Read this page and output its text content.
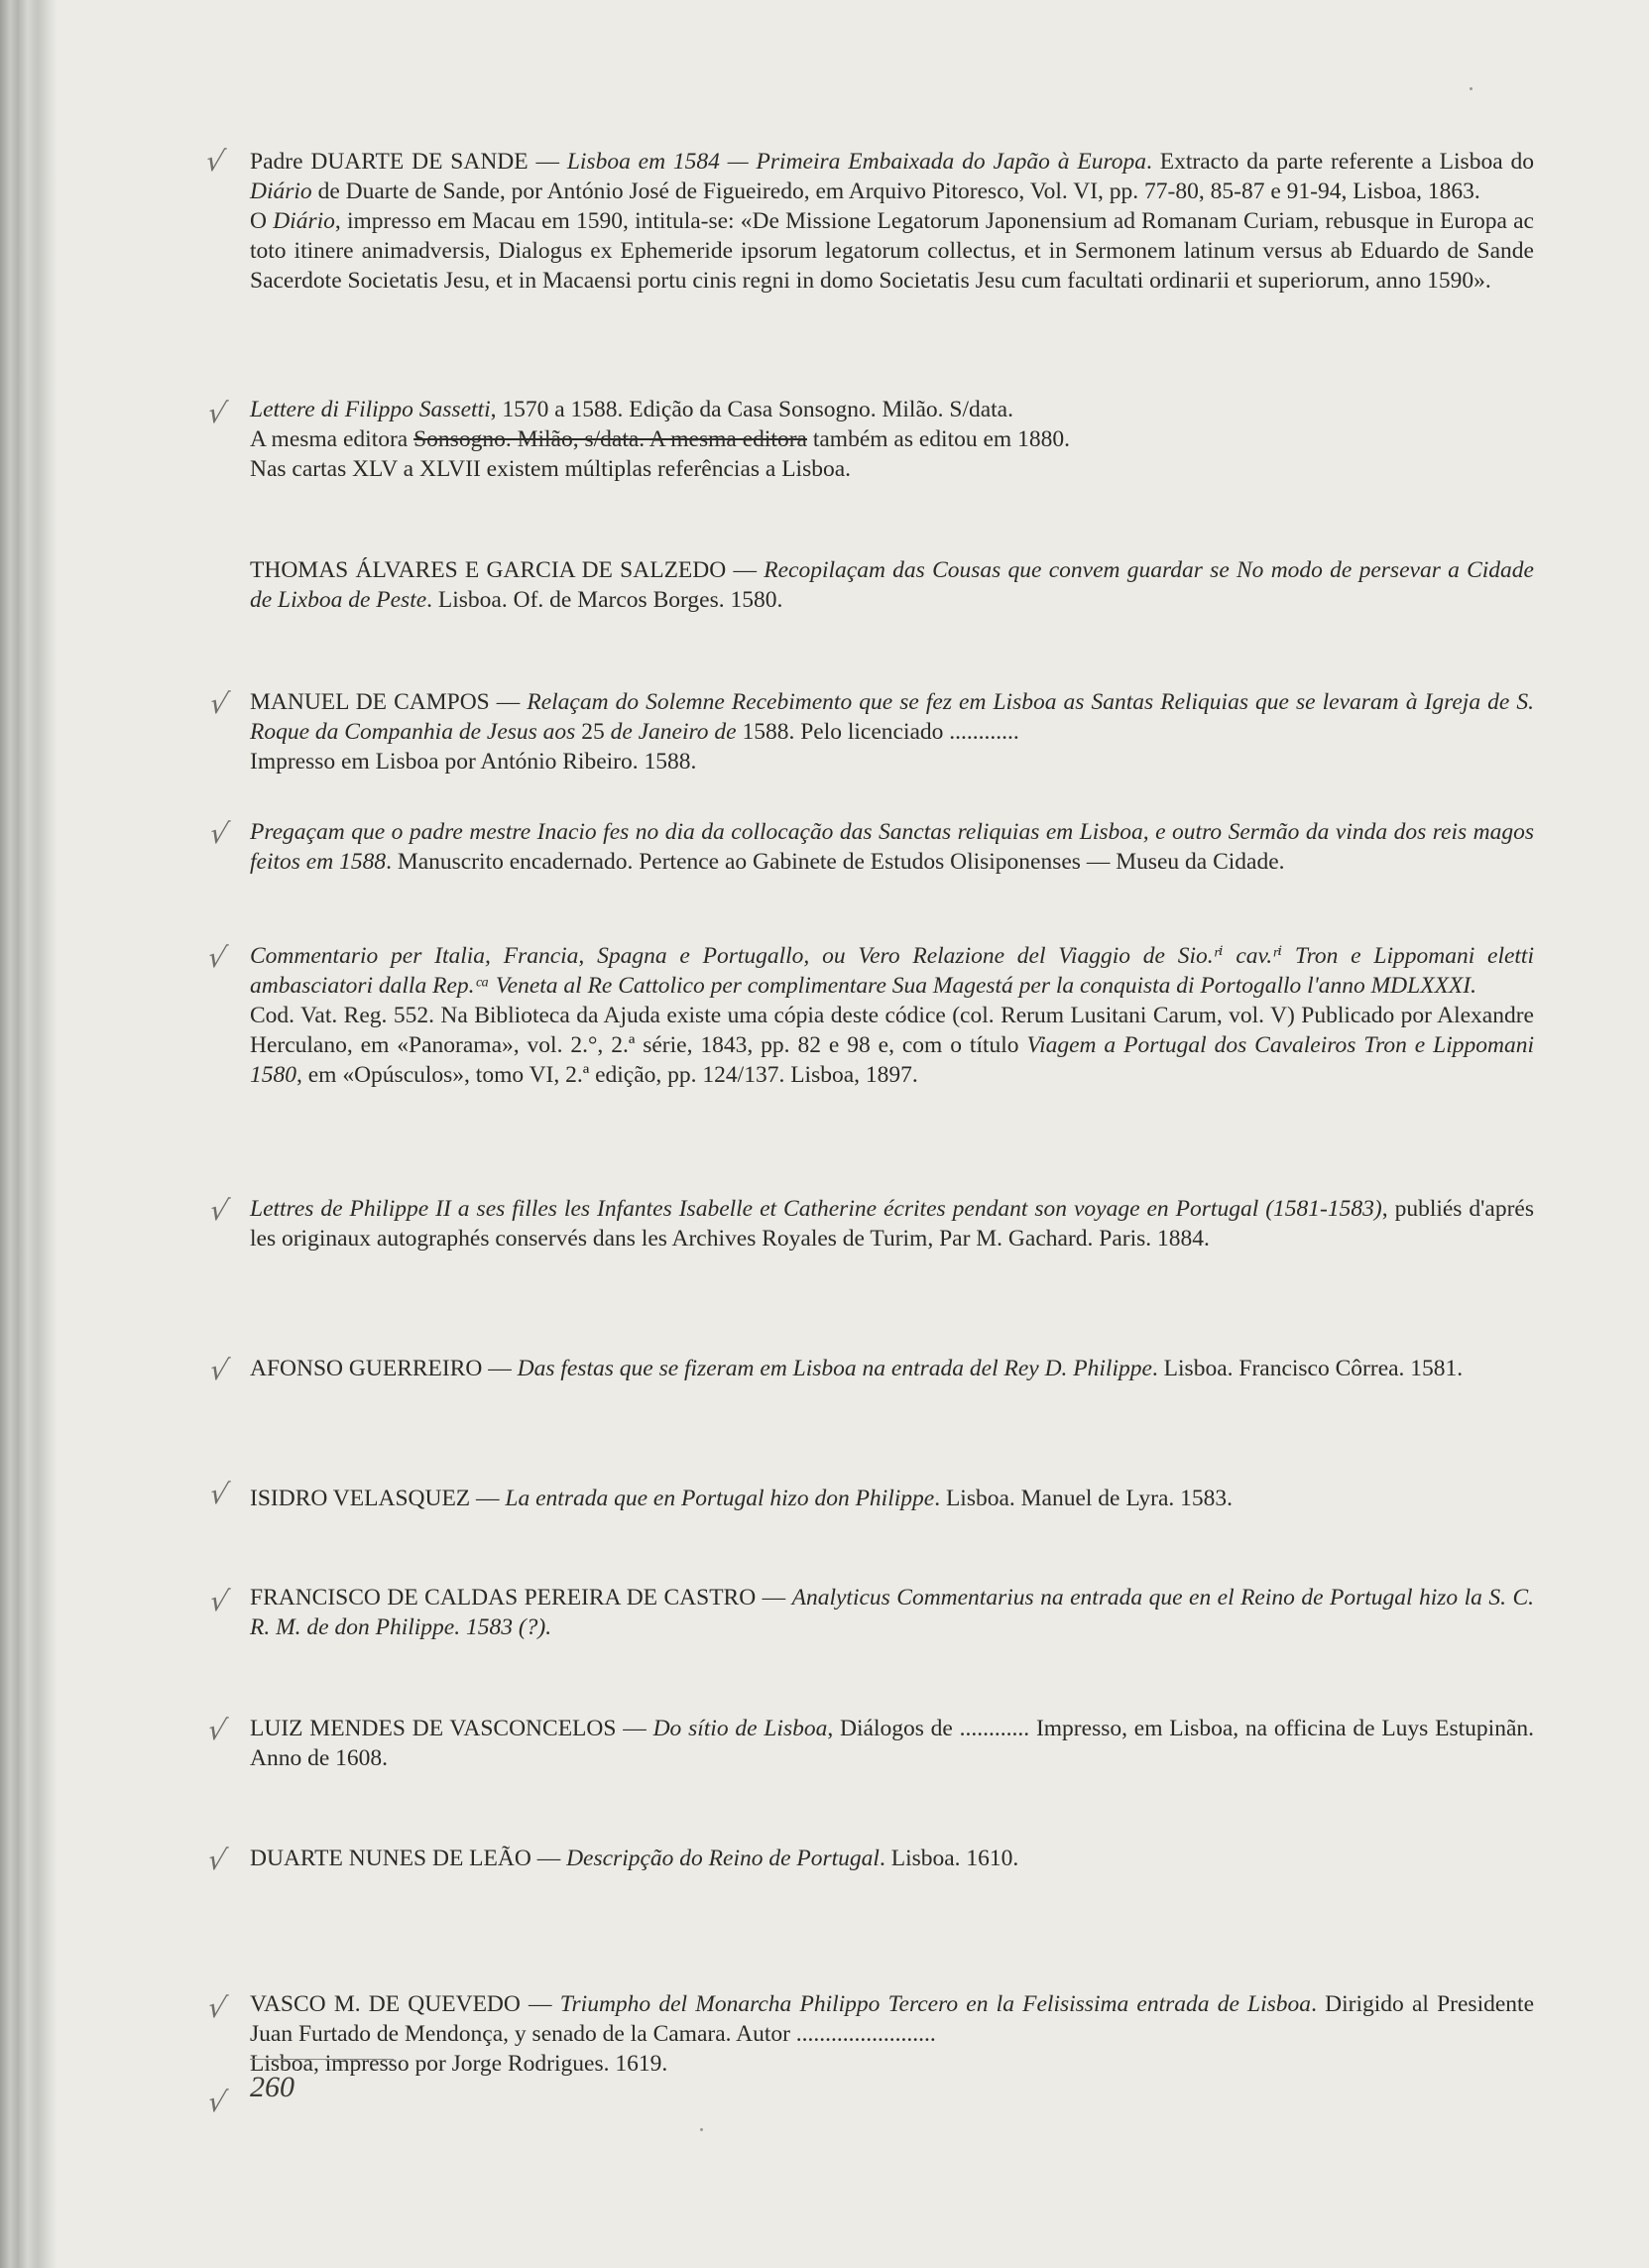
√ Padre DUARTE DE SANDE — Lisboa em 1584 — Primeira Embaixada do Japão à Europa. Extracto da parte referente a Lisboa do Diário de Duarte de Sande, por António José de Figueiredo, em Arquivo Pitoresco, Vol. VI, pp. 77-80, 85-87 e 91-94, Lisboa, 1863.

O Diário, impresso em Macau em 1590, intitula-se: «De Missione Legatorum Japonensium ad Romanam Curiam, rebusque in Europa ac toto itinere animadversis, Dialogus ex Ephemeride ipsorum legatorum collectus, et in Sermonem latinum versus ab Eduardo de Sande Sacerdote Societatis Jesu, et in Macaensi portu cinis regni in domo Societatis Jesu cum facultati ordinarii et superiorum, anno 1590».

√ Lettere di Filippo Sassetti, 1570 a 1588. Edição da Casa Sonsogno. Milão. S/data.

A mesma editora Sonsogno. Milão, s/data. A mesma editora também as editou em 1880.

Nas cartas XLV a XLVII existem múltiplas referências a Lisboa.

THOMAS ÁLVARES E GARCIA DE SALZEDO — Recopilaçam das Cousas que convem guardar se No modo de persevar a Cidade de Lixboa de Peste. Lisboa. Of. de Marcos Borges. 1580.

√ MANUEL DE CAMPOS — Relaçam do Solemne Recebimento que se fez em Lisboa as Santas Reliquias que se levaram à Igreja de S. Roque da Companhia de Jesus aos 25 de Janeiro de 1588. Pelo licenciado ............

Impresso em Lisboa por António Ribeiro. 1588.

√ Pregaçam que o padre mestre Inacio fes no dia da collocação das Sanctas reliquias em Lisboa, e outro Sermão da vinda dos reis magos feitos em 1588. Manuscrito encadernado. Pertence ao Gabinete de Estudos Olisiponenses — Museu da Cidade.

√ Commentario per Italia, Francia, Spagna e Portugallo, ou Vero Relazione del Viaggio de Sio.ʳⁱ cav.ʳⁱ Tron e Lippomani eletti ambasciatori dalla Rep.ᶜᵃ Veneta al Re Cattolico per complimentare Sua Magestá per la conquista di Portogallo l'anno MDLXXXI.

Cod. Vat. Reg. 552. Na Biblioteca da Ajuda existe uma cópia deste códice (col. Rerum Lusitani Carum, vol. V) Publicado por Alexandre Herculano, em «Panorama», vol. 2.°, 2.ª série, 1843, pp. 82 e 98 e, com o título Viagem a Portugal dos Cavaleiros Tron e Lippomani 1580, em «Opúsculos», tomo VI, 2.ª edição, pp. 124/137. Lisboa, 1897.

√ Lettres de Philippe II a ses filles les Infantes Isabelle et Catherine écrites pendant son voyage en Portugal (1581-1583), publiés d'aprés les originaux autographés conservés dans les Archives Royales de Turim, Par M. Gachard. Paris. 1884.

√ AFONSO GUERREIRO — Das festas que se fizeram em Lisboa na entrada del Rey D. Philippe. Lisboa. Francisco Côrrea. 1581.

√ ISIDRO VELASQUEZ — La entrada que en Portugal hizo don Philippe. Lisboa. Manuel de Lyra. 1583.

√ FRANCISCO DE CALDAS PEREIRA DE CASTRO — Analyticus Commentarius na entrada que en el Reino de Portugal hizo la S. C. R. M. de don Philippe. 1583 (?).

√ LUIZ MENDES DE VASCONCELOS — Do sítio de Lisboa, Diálogos de ............ Impresso, em Lisboa, na officina de Luys Estupinãn. Anno de 1608.

√ DUARTE NUNES DE LEÃO — Descripção do Reino de Portugal. Lisboa. 1610.

√ VASCO M. DE QUEVEDO — Triumpho del Monarcha Philippo Tercero en la Felisissima entrada de Lisboa. Dirigido al Presidente Juan Furtado de Mendonça, y senado de la Camara. Autor ........................

Lisboa, impresso por Jorge Rodrigues. 1619.

√ 260
